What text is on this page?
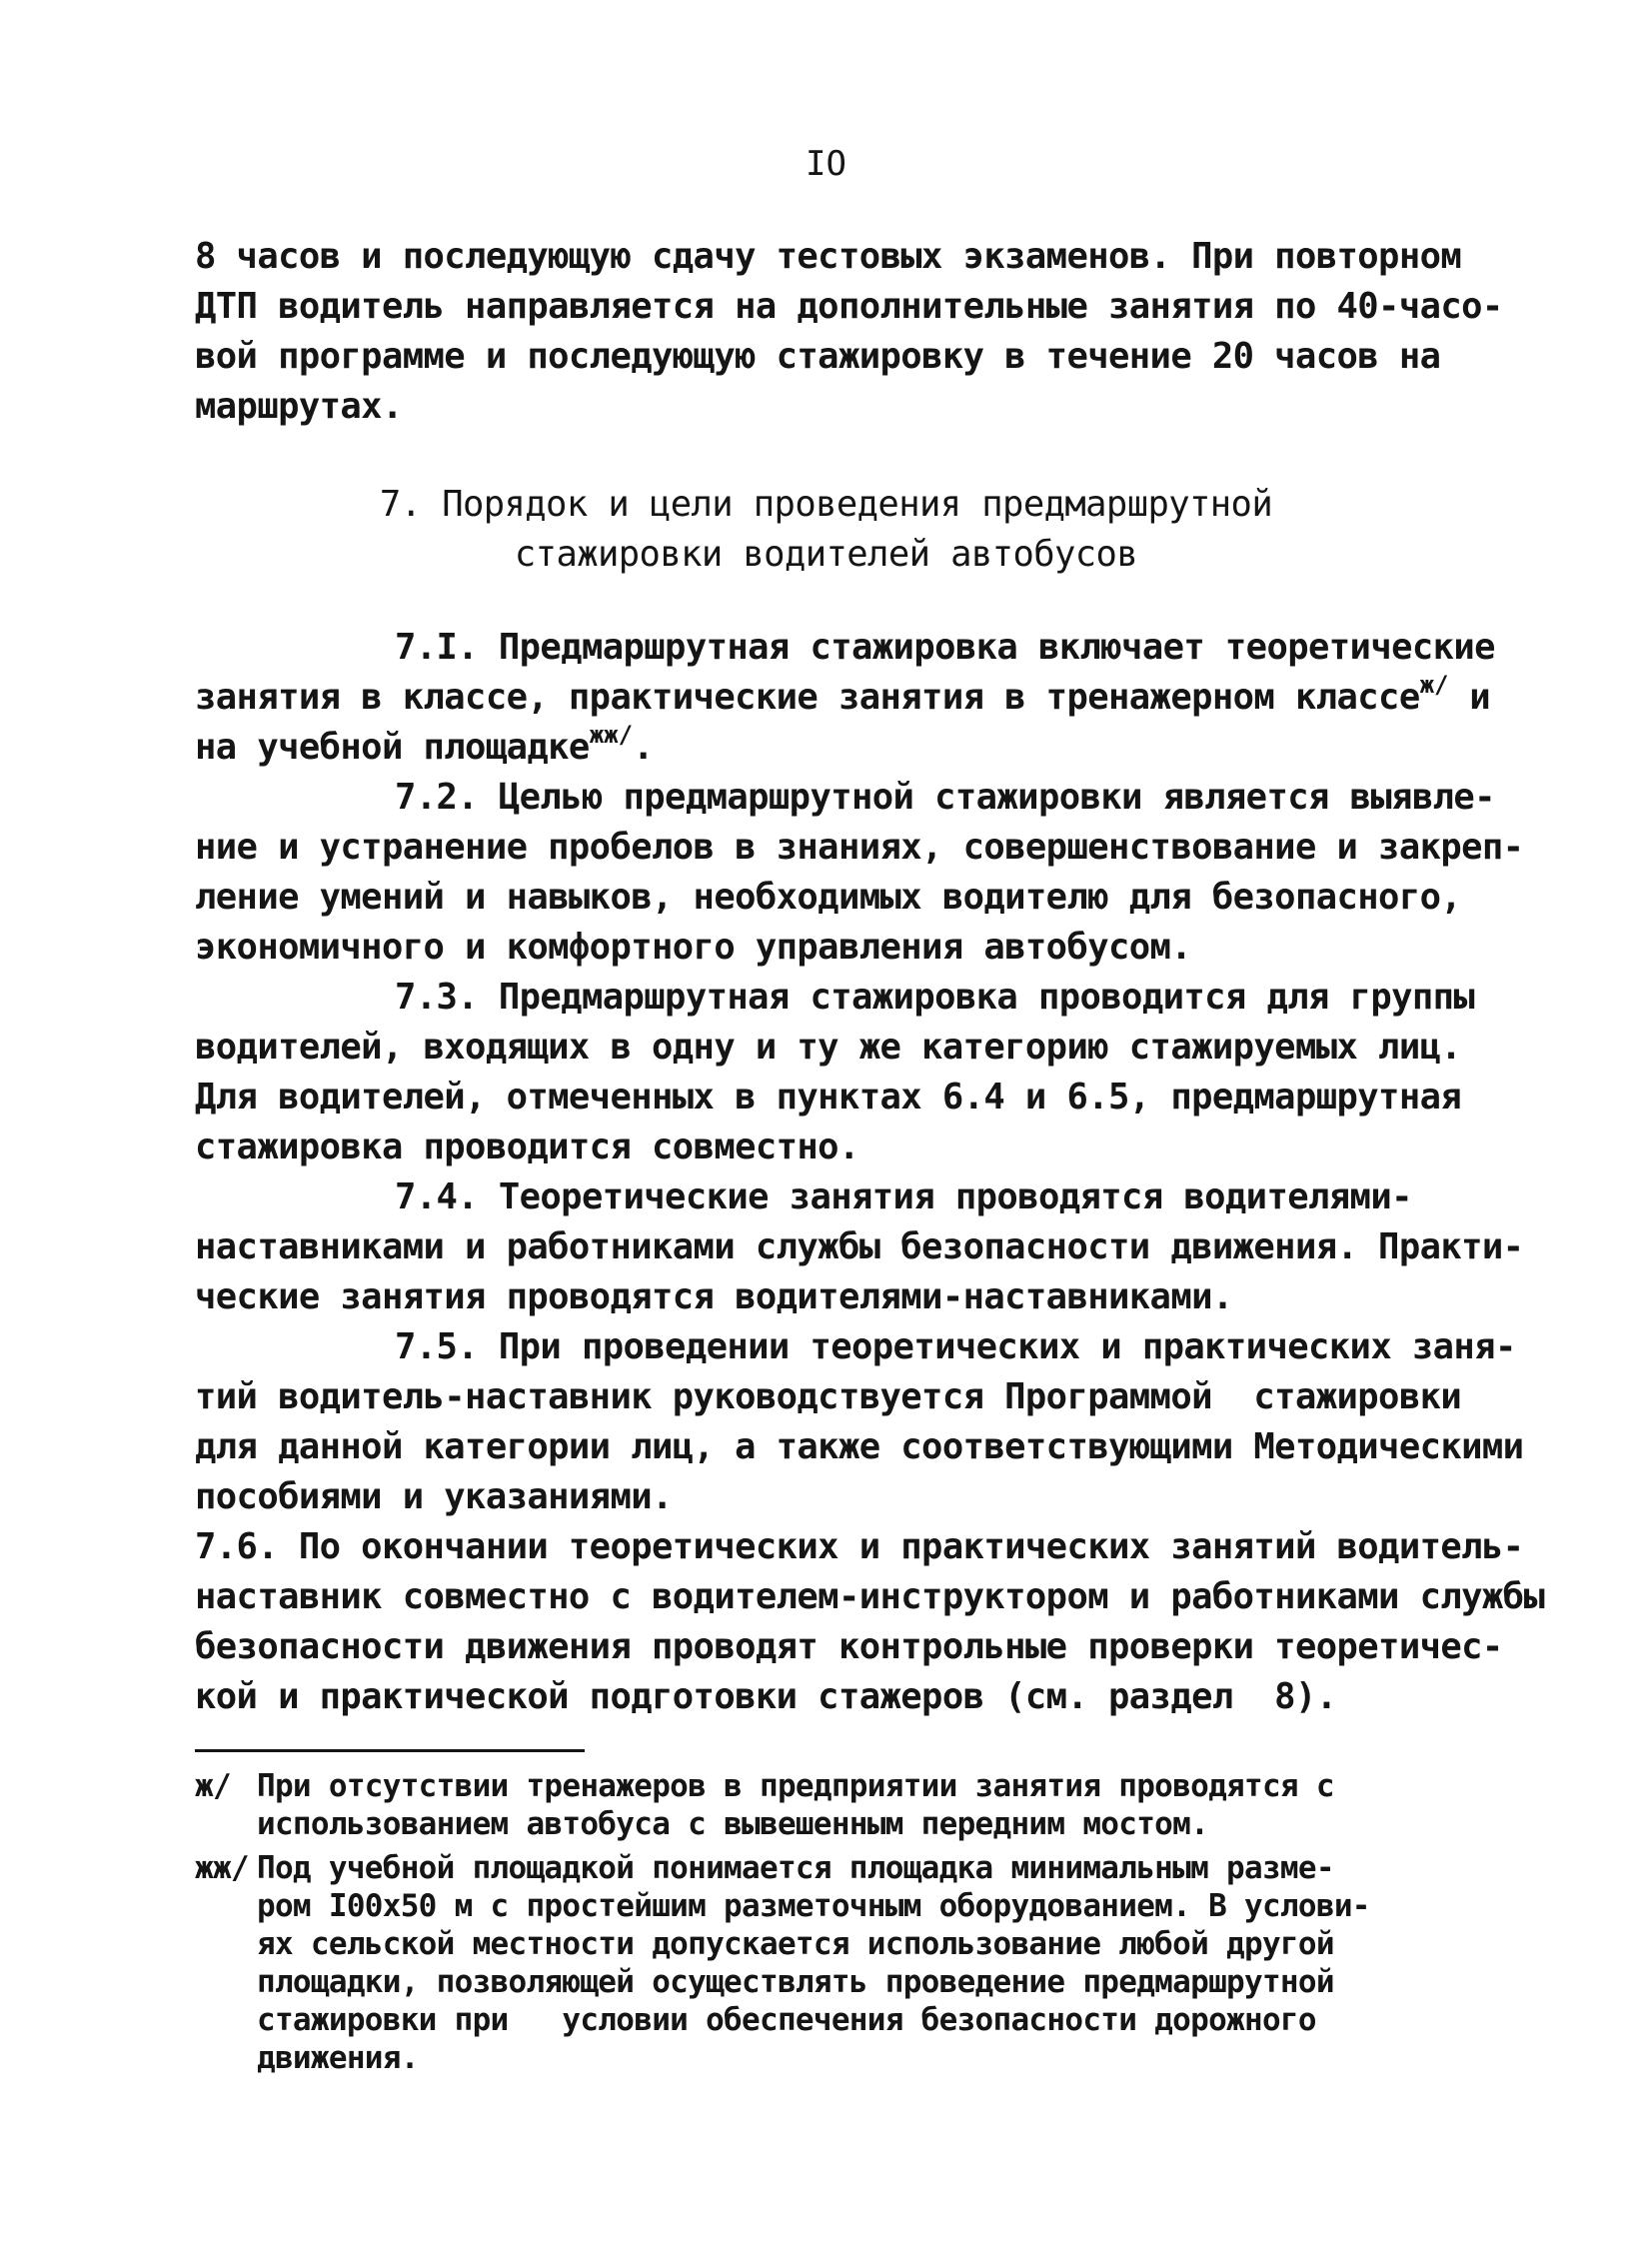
IO
8 часов и последующую сдачу тестовых экзаменов. При повторном
ДТП водитель направляется на дополнительные занятия по 40-часо-
вой программе и последующую стажировку в течение 20 часов на
маршрутах.
7. Порядок и цели проведения предмаршрутной
стажировки водителей автобусов
7.I. Предмаршрутная стажировка включает теоретические
занятия в классе, практические занятия в тренажерном классе$^{ж/}$ и
на учебной площадке$^{жж/}$.
7.2. Целью предмаршрутной стажировки является выявле-
ние и устранение пробелов в знаниях, совершенствование и закреп-
ление умений и навыков, необходимых водителю для безопасного,
экономичного и комфортного управления автобусом.
7.3. Предмаршрутная стажировка проводится для группы
водителей, входящих в одну и ту же категорию стажируемых лиц.
Для водителей, отмеченных в пунктах 6.4 и 6.5, предмаршрутная
стажировка проводится совместно.
7.4. Теоретические занятия проводятся водителями-
наставниками и работниками службы безопасности движения. Практи-
ческие занятия проводятся водителями-наставниками.
7.5. При проведении теоретических и практических заня-
тий водитель-наставник руководствуется Программой  стажировки
для данной категории лиц, а также соответствующими Методическими
пособиями и указаниями.
7.6. По окончании теоретических и практических занятий водитель-
наставник совместно с водителем-инструктором и работниками службы
безопасности движения проводят контрольные проверки теоретичес-
кой и практической подготовки стажеров (см. раздел  8).
ж/ При отсутствии тренажеров в предприятии занятия проводятся с
использованием автобуса с вывешенным передним мостом.
жж/ Под учебной площадкой понимается площадка минимальным разме-
ром I00x50 м с простейшим разметочным оборудованием. В услови-
ях сельской местности допускается использование любой другой
площадки, позволяющей осуществлять проведение предмаршрутной
стажировки при   условии обеспечения безопасности дорожного
движения.
